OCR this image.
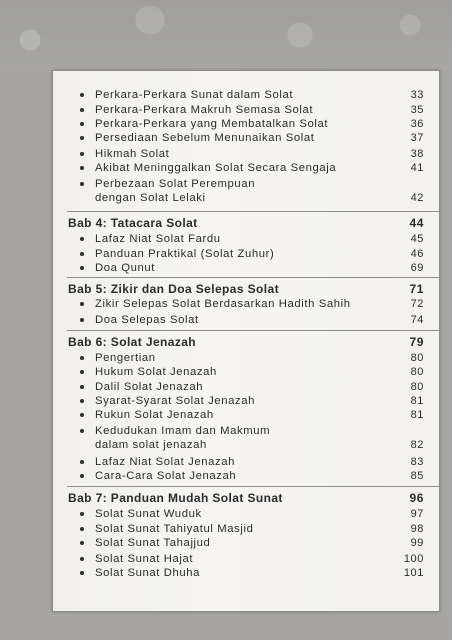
Perkara-Perkara Sunat dalam Solat	33
Perkara-Perkara Makruh Semasa Solat	35
Perkara-Perkara yang Membatalkan Solat	36
Persediaan Sebelum Menunaikan Solat	37
Hikmah Solat	38
Akibat Meninggalkan Solat Secara Sengaja	41
Perbezaan Solat Perempuan
dengan Solat Lelaki	42
Bab 4: Tatacara Solat	44
Lafaz Niat Solat Fardu	45
Panduan Praktikal (Solat Zuhur)	46
Doa Qunut	69
Bab 5: Zikir dan Doa Selepas Solat	71
Zikir Selepas Solat Berdasarkan Hadith Sahih	72
Doa Selepas Solat	74
Bab 6: Solat Jenazah	79
Pengertian	80
Hukum Solat Jenazah	80
Dalil Solat Jenazah	80
Syarat-Syarat Solat Jenazah	81
Rukun Solat Jenazah	81
Kedudukan Imam dan Makmum
dalam solat jenazah	82
Lafaz Niat Solat Jenazah	83
Cara-Cara Solat Jenazah	85
Bab 7: Panduan Mudah Solat Sunat	96
Solat Sunat Wuduk	97
Solat Sunat Tahiyatul Masjid	98
Solat Sunat Tahajjud	99
Solat Sunat Hajat	100
Solat Sunat Dhuha	101
